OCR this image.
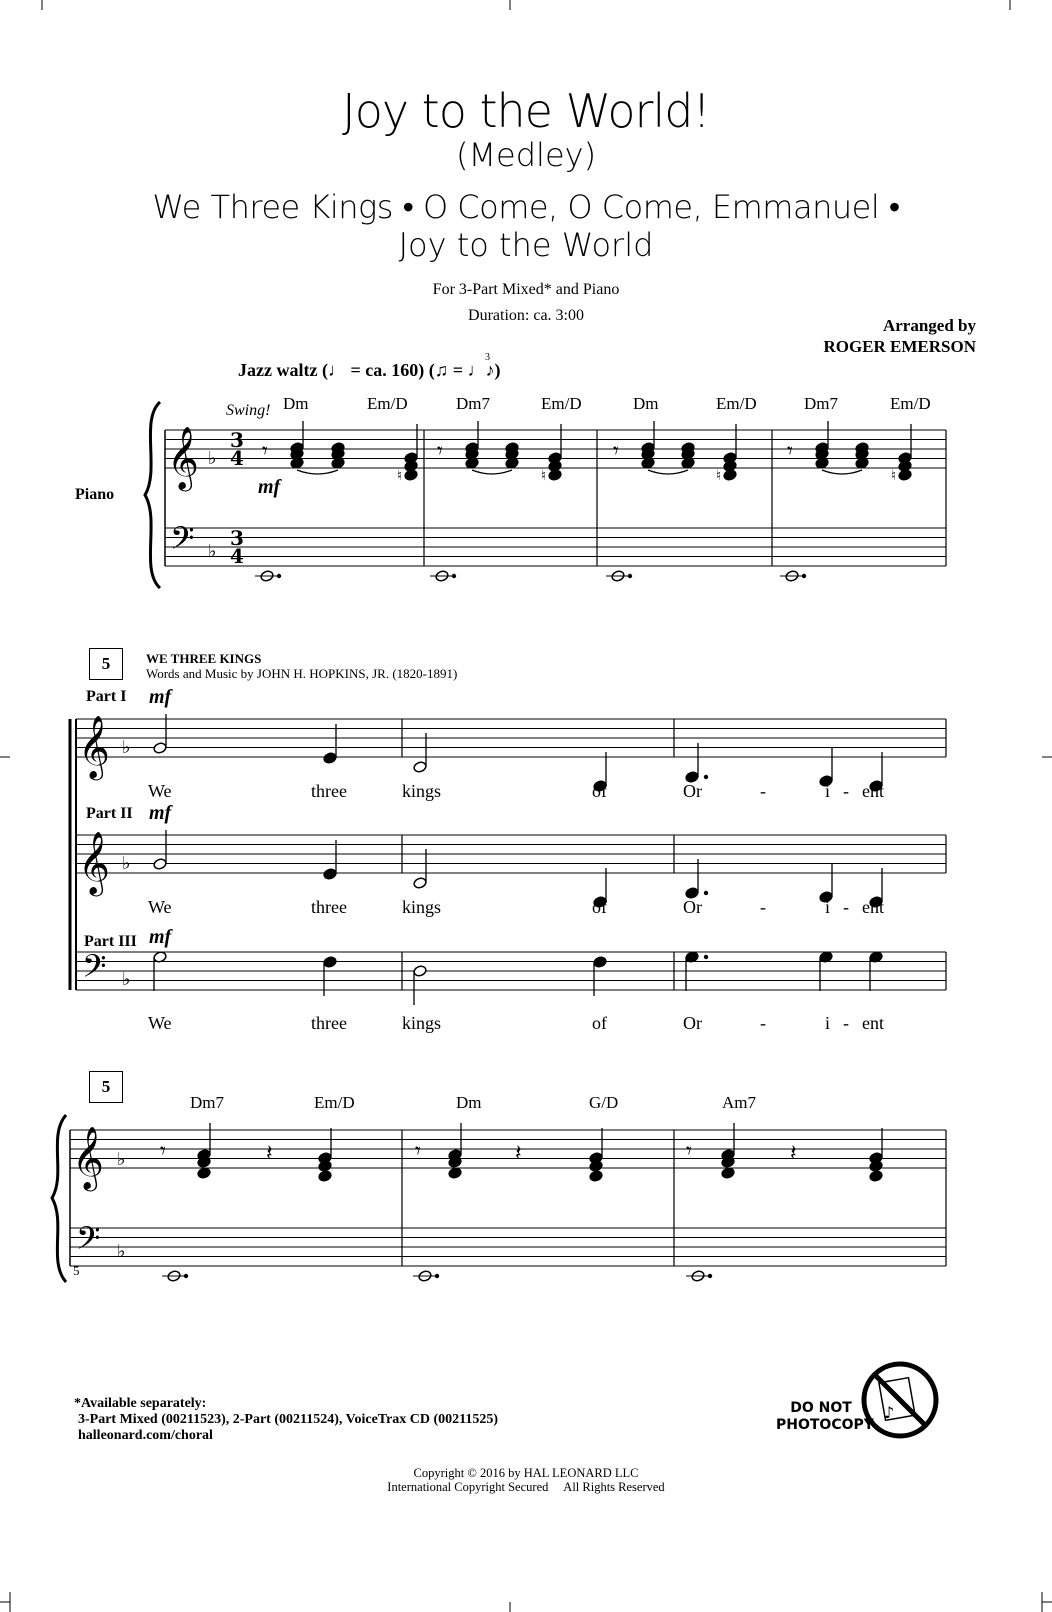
𝄞
𝄢
♭
♭
3
4
3
4
𝄾
♮
𝄾
♮
𝄾
♮
𝄾
♮
𝄞
𝄞
𝄢
♭
♭
♭
𝄞
𝄢
♭
♭
𝄾	𝄽	𝄾	𝄽	𝄾	𝄽
♪
Joy to the World!
(Medley)
We Three Kings • O Come, O Come, Emmanuel •
Joy to the World
For 3-Part Mixed* and Piano
Duration: ca. 3:00
Arranged by
ROGER EMERSON
Jazz waltz (♩ = ca. 160) (♫ = ♩♪)
3
Swing!
Piano	mf
Dm	Em/D	Dm7	Em/D	Dm	Em/D	Dm7	Em/D
5	WE THREE KINGS
Words and Music by JOHN H. HOPKINS, JR. (1820-1891)
Part I mf
Part II mf
Part III mf
We	three	kings	of	Or	-	i - ent
We	three	kings	of	Or	-	i - ent
We	three	kings	of	Or	-	i - ent
5
Dm7	Em/D	Dm	G/D	Am7
5
*Available separately:
3-Part Mixed (00211523), 2-Part (00211524), VoiceTrax CD (00211525)
halleonard.com/choral
DO NOT
PHOTOCOPY
Copyright © 2016 by HAL LEONARD LLC
International Copyright Secured     All Rights Reserved
